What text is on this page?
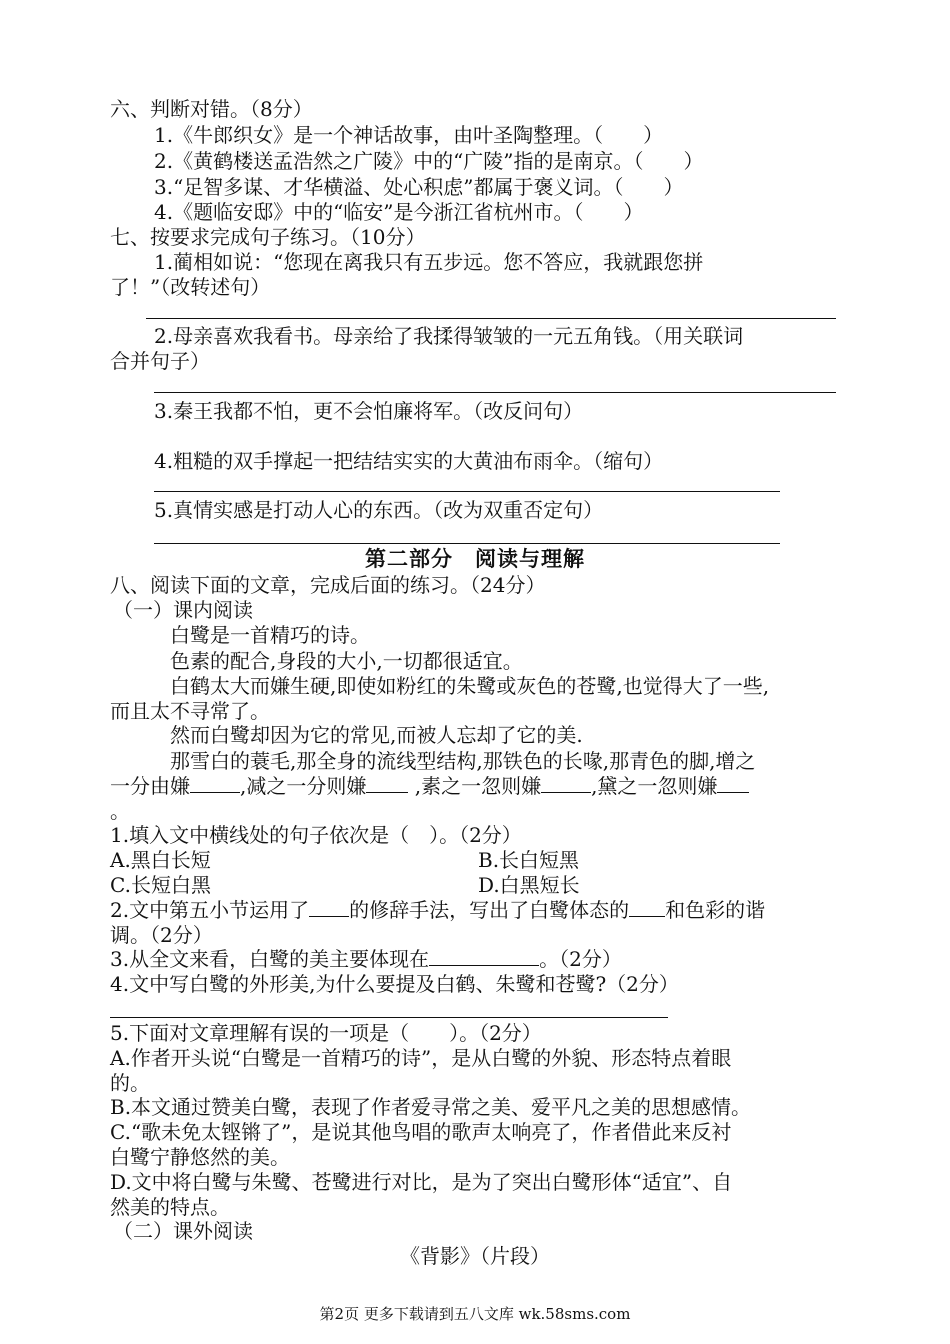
六、判断对错。（8分）
1.《牛郎织女》是一个神话故事，由叶圣陶整理。（　　）
2.《黄鹤楼送孟浩然之广陵》中的“广陵”指的是南京。（　　）
3.“足智多谋、才华横溢、处心积虑”都属于褒义词。（　　）
4.《题临安邸》中的“临安”是今浙江省杭州市。（　　）
七、按要求完成句子练习。（10分）
1.蔺相如说：“您现在离我只有五步远。您不答应，我就跟您拼
了！”（改转述句）
2.母亲喜欢我看书。母亲给了我揉得皱皱的一元五角钱。（用关联词
合并句子）
3.秦王我都不怕，更不会怕廉将军。（改反问句）
4.粗糙的双手撑起一把结结实实的大黄油布雨伞。（缩句）
5.真情实感是打动人心的东西。（改为双重否定句）
第二部分　阅读与理解
八、阅读下面的文章，完成后面的练习。（24分）
（一）课内阅读
白鹭是一首精巧的诗。
色素的配合,身段的大小,一切都很适宜。
白鹤太大而嫌生硬,即使如粉红的朱鹭或灰色的苍鹭,也觉得大了一些,
而且太不寻常了。
然而白鹭却因为它的常见,而被人忘却了它的美.
那雪白的蓑毛,那全身的流线型结构,那铁色的长喙,那青色的脚,增之
一分由嫌	,减之一分则嫌 ,素之一忽则嫌	,黛之一忽则嫌
。
1.填入文中横线处的句子依次是（　）。（2分）
A.黑白长短	B.长白短黑
C.长短白黑	D.白黑短长
2.文中第五小节运用了 的修辞手法，写出了白鹭体态的 和色彩的谐
调。（2分）
3.从全文来看，白鹭的美主要体现在	。（2分）
4.文中写白鹭的外形美,为什么要提及白鹤、朱鹭和苍鹭?（2分）
5.下面对文章理解有误的一项是（　　）。（2分）
A.作者开头说“白鹭是一首精巧的诗”，是从白鹭的外貌、形态特点着眼
的。
B.本文通过赞美白鹭，表现了作者爱寻常之美、爱平凡之美的思想感情。
C.“歌未免太铿锵了”，是说其他鸟唱的歌声太响亮了，作者借此来反衬
白鹭宁静悠然的美。
D.文中将白鹭与朱鹭、苍鹭进行对比，是为了突出白鹭形体“适宜”、自
然美的特点。
（二）课外阅读
《背影》（片段）
第2页 更多下载请到五八文库 wk.58sms.com
